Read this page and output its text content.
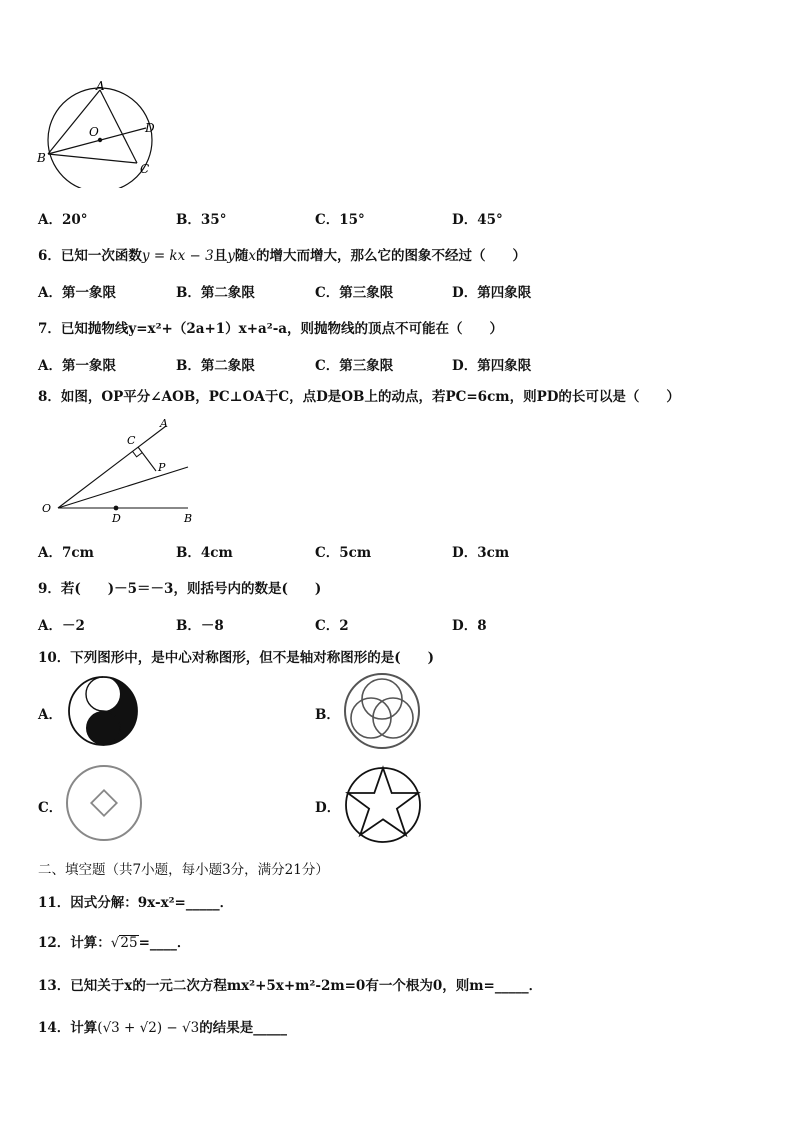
A
O	D
B
C
A．20°	B．35°	C．15°	D．45°
6．已知一次函数y = kx − 3且y随x的增大而增大，那么它的图象不经过（　　）
A．第一象限	B．第二象限	C．第三象限	D．第四象限
7．已知抛物线y=x²+（2a+1）x+a²-a，则抛物线的顶点不可能在（　　）
A．第一象限	B．第二象限	C．第三象限	D．第四象限
8．如图，OP平分∠AOB，PC⊥OA于C，点D是OB上的动点，若PC=6cm，则PD的长可以是（　　）
C
A
P
O
D	B
A．7cm	B．4cm	C．5cm	D．3cm
9．若(　　)－5＝－3，则括号内的数是(　　)
A．－2	B．－8	C．2	D．8
10．下列图形中，是中心对称图形，但不是轴对称图形的是(　　)
A．	B．
C．	D．
二、填空题（共7小题，每小题3分，满分21分）
11．因式分解：9x-x²=_____．
12．计算：√25=____．
13．已知关于x的一元二次方程mx²+5x+m²-2m=0有一个根为0，则m=_____．
14．计算(√3 + √2) − √3的结果是_____
